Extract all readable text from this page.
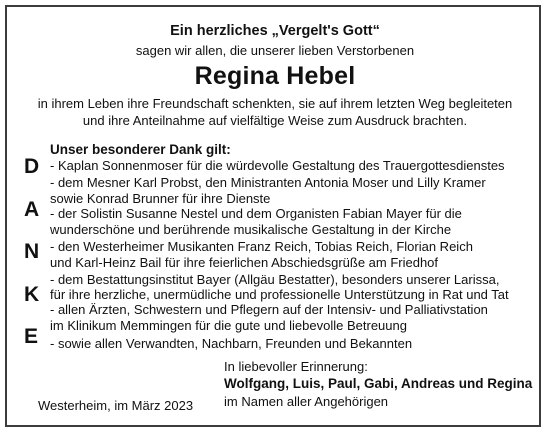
Ein herzliches „Vergelt's Gott“
sagen wir allen, die unserer lieben Verstorbenen
Regina Hebel
in ihrem Leben ihre Freundschaft schenkten, sie auf ihrem letzten Weg begleiteten
und ihre Anteilnahme auf vielfältige Weise zum Ausdruck brachten.
Unser besonderer Dank gilt:
D
A
N
K
E
- Kaplan Sonnenmoser für die würdevolle Gestaltung des Trauergottesdienstes
- dem Mesner Karl Probst, den Ministranten Antonia Moser und Lilly Kramer
sowie Konrad Brunner für ihre Dienste
- der Solistin Susanne Nestel und dem Organisten Fabian Mayer für die
wunderschöne und berührende musikalische Gestaltung in der Kirche
- den Westerheimer Musikanten Franz Reich, Tobias Reich, Florian Reich
und Karl-Heinz Bail für ihre feierlichen Abschiedsgrüße am Friedhof
- dem Bestattungsinstitut Bayer (Allgäu Bestatter), besonders unserer Larissa,
für ihre herzliche, unermüdliche und professionelle Unterstützung in Rat und Tat
- allen Ärzten, Schwestern und Pflegern auf der Intensiv- und Palliativstation
im Klinikum Memmingen für die gute und liebevolle Betreuung
- sowie allen Verwandten, Nachbarn, Freunden und Bekannten
In liebevoller Erinnerung:
Wolfgang, Luis, Paul, Gabi, Andreas und Regina
im Namen aller Angehörigen
Westerheim, im März 2023
